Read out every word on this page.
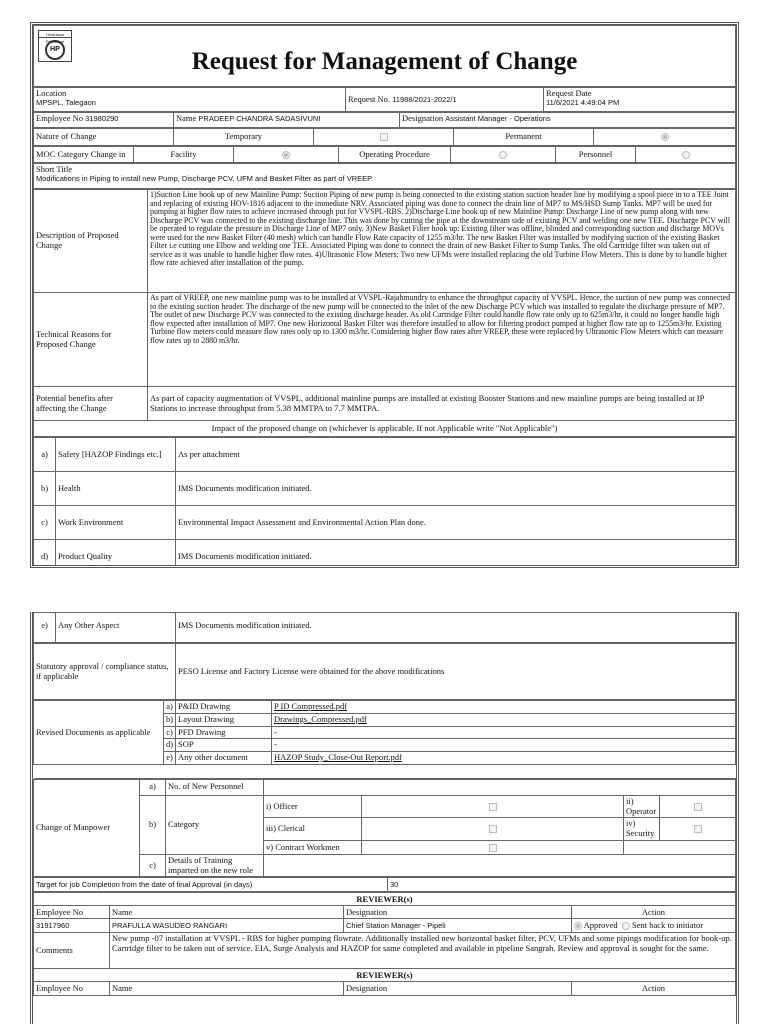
Hindustan Petroleum
HP	Request for Management of Change
Location
MPSPL, Talegaon	Request No. 11988/2021-2022/1	
Request Date
11/6/2021 4:49:04 PM
Employee No 31980290	Name PRADEEP CHANDRA SADASIVUNI	Designation Assistant Manager - Operations
Nature of Change	Temporary		Permanent	
MOC Category Change in	Facility		Operating Procedure		Personnel	
Short Title
Modifications in Piping to install new Pump, Discharge PCV, UFM and Basket Filter as part of VREEP.
Description of Proposed Change	1)Suction Line hook up of new Mainline Pump: Suction Piping of new pump is being connected to the existing station suction header line by modifying a spool piece in to a TEE Joint and replacing of existing HOV-1816 adjacent to the immediate NRV. Associated piping was done to connect the drain line of MP7 to MS/HSD Sump Tanks. MP7 will be used for pumping at higher flow rates to achieve increased through put for VVSPL-RBS. 2)Discharge Line hook up of new Mainline Pump: Discharge Line of new pump along with new Discharge PCV was connected to the existing discharge line. This was done by cutting the pipe at the downstream side of existing PCV and welding one new TEE. Discharge PCV will be operated to regulate the pressure in Discharge Line of MP7 only. 3)New Basket Filter hook up: Existing filter was offline, blinded and corresponding suction and discharge MOVs were used for the new Basket Filter (40 mesh) which can handle Flow Rate capacity of 1255 m3/hr. The new Basket Filter was installed by modifying suction of the existing Basket Filter i.e cutting one Elbow and welding one TEE. Associated Piping was done to connect the drain of new Basket Filter to Sump Tanks. The old Cartridge filter was taken out of service as it was unable to handle higher flow rates. 4)Ultrasonic Flow Meters: Two new UFMs were installed replacing the old Turbine Flow Meters. This is done by to handle higher flow rate achieved after installation of the pump.
Technical Reasons for Proposed Change	As part of VREEP, one new mainline pump was to be installed at VVSPL-Rajahmundry to enhance the throughput capacity of VVSPL. Hence, the suction of new pump was connected to the existing suction header. The discharge of the new pump will be connected to the inlet of the new Discharge PCV which was installed to regulate the discharge pressure of MP7. The outlet of new Discharge PCV was connected to the existing discharge header. As old Cartridge Filter could handle flow rate only up to 625m3/hr, it could no longer handle high flow expected after installation of MP7. One new Horizontal Basket Filter was therefore installed to allow for filtering product pumped at higher flow rate up to 1255m3/hr. Existing Turbine flow meters could measure flow rates only up to 1300 m3/hr. Considering higher flow rates after VREEP, these were replaced by Ultrasonic Flow Meters which can measure flow rates up to 2880 m3/hr.
Potential benefits after affecting the Change	As part of capacity augmentation of VVSPL, additional mainline pumps are installed at existing Booster Stations and new mainline pumps are being installed at IP Stations to increase throughput from 5.38 MMTPA to 7.7 MMTPA.
Impact of the proposed change on (whichever is applicable. If not Applicable write "Not Applicable")	
a)	Safety [HAZOP Findings etc.]	As per attachment
b)	Health	IMS Documents modification initiated.
c)	Work Environment	Environmental Impact Assessment and Environmental Action Plan done.
d)	Product Quality	IMS Documents modification initiated.

e)	Any Other Aspect	IMS Documents modification initiated.
Statutory approval / compliance status, if applicable	PESO License and Factory License were obtained for the above modifications
Revised Documents as applicable	a)	P&ID Drawing	P ID Compressed.pdf
	b)	Layout Drawing	Drawings_Compressed.pdf
	c)	PFD Drawing	-
	d)	SOP	-
	e)	Any other document	HAZOP Study_Close-Out Report.pdf

Change of Manpower	a)	No. of New Personnel				
	b)	Category	i) Officer		ii) Operator	
			iii) Clerical		iv) Security	
			v) Contract Workmen			
	c)	Details of Training imparted on the new role				
Target for job Completion from the date of final Approval (in days)	30
REVIEWER(s)			
Employee No	Name	Designation	Action
31917960	PRAFULLA WASUDEO RANGARI	Chief Station Manager - Pipeli	Approved Sent back to initiator
Comments	New pump -07 installation at VVSPL - RBS for higher pumping flowrate. Additionally installed new horizontal basket filter, PCV, UFMs and some pipings modification for book-up. Cartridge filter to be taken out of service. EIA, Surge Analysis and HAZOP for same completed and available in pipeline Sangrah. Review and approval is sought for the same.		
REVIEWER(s)			
Employee No	Name	Designation	Action
